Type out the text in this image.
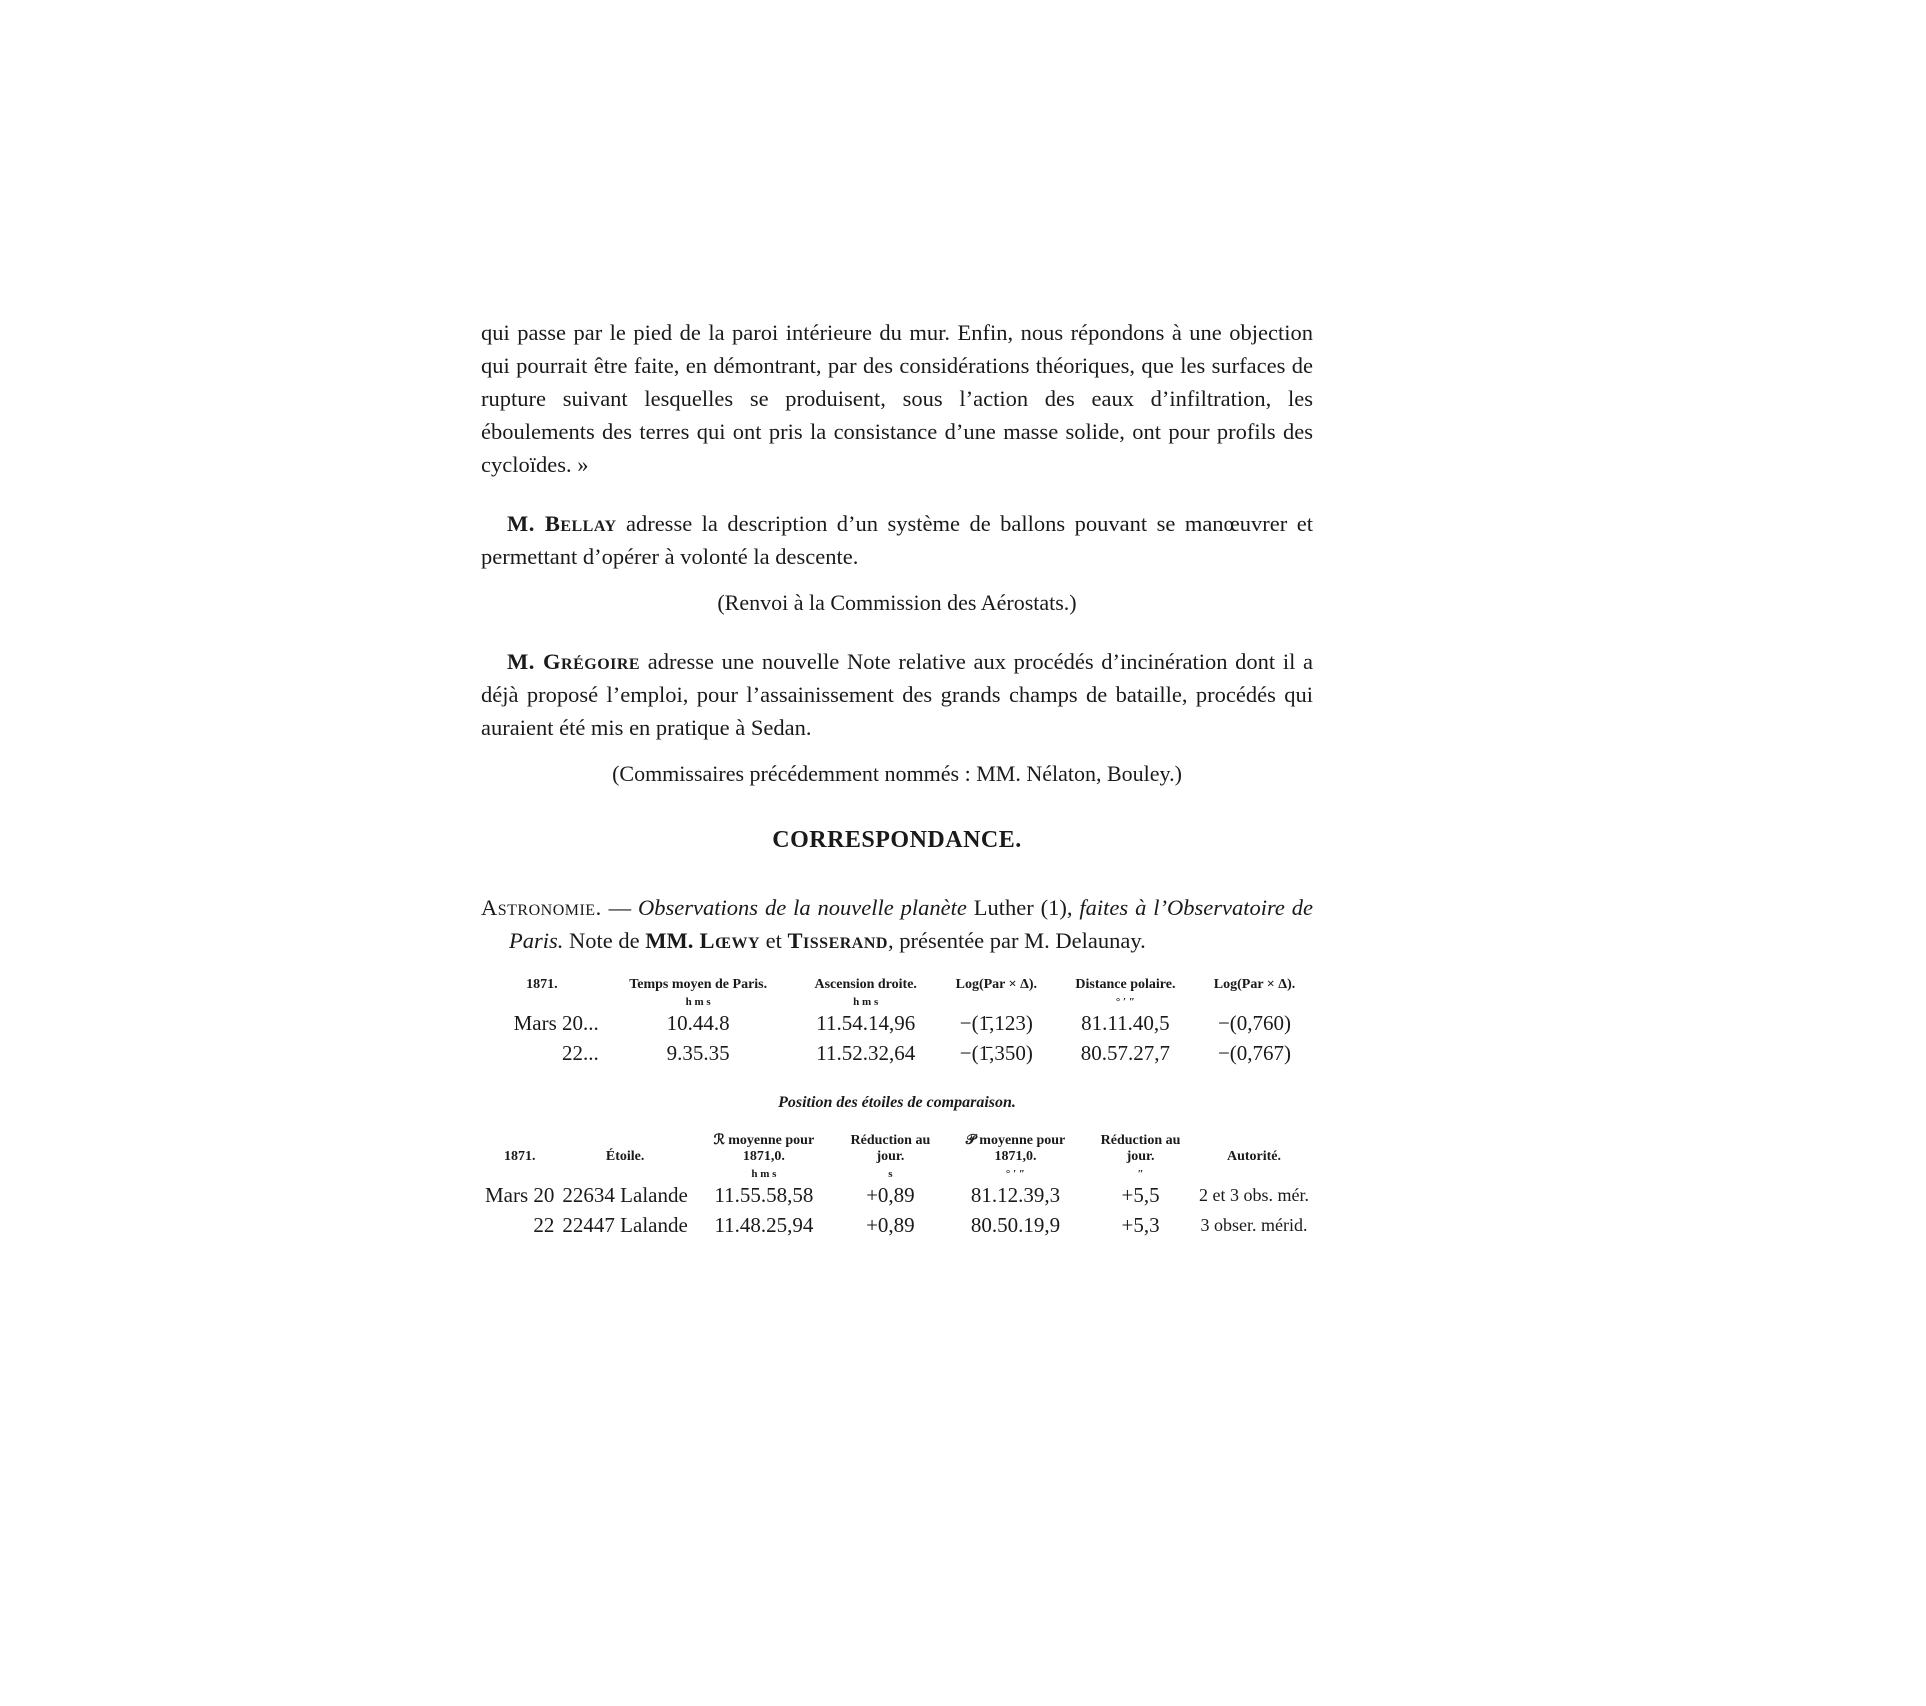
qui passe par le pied de la paroi intérieure du mur. Enfin, nous répondons à une objection qui pourrait être faite, en démontrant, par des considérations théoriques, que les surfaces de rupture suivant lesquelles se produisent, sous l’action des eaux d’infiltration, les éboulements des terres qui ont pris la consistance d’une masse solide, ont pour profils des cycloïdes. »

M. Bellay adresse la description d’un système de ballons pouvant se manœuvrer et permettant d’opérer à volonté la descente.

(Renvoi à la Commission des Aérostats.)

M. Grégoire adresse une nouvelle Note relative aux procédés d’incinération dont il a déjà proposé l’emploi, pour l’assainissement des grands champs de bataille, procédés qui auraient été mis en pratique à Sedan.

(Commissaires précédemment nommés : MM. Nélaton, Bouley.)

CORRESPONDANCE.

Astronomie. — Observations de la nouvelle planète Luther (1), faites à l’Observatoire de Paris. Note de MM. Lœwy et Tisserand, présentée par M. Delaunay.

1871.	Temps moyen de Paris.	Ascension droite.	Log(Par × Δ).	Distance polaire.	Log(Par × Δ).
	h m s	h m s		° ′ ″	
Mars 20...	10.44.8	11.54.14,96	−(1̄,123)	81.11.40,5	−(0,760)
22...	9.35.35	11.52.32,64	−(1̄,350)	80.57.27,7	−(0,767)

Position des étoiles de comparaison.

1871.	Étoile.	ℛ moyenne pour 1871,0.	Réduction au jour.	𝒫 moyenne pour 1871,0.	Réduction au jour.	Autorité.
		h m s	s	° ′ ″	″	
Mars 20	22634 Lalande	11.55.58,58	+0,89	81.12.39,3	+5,5	2 et 3 obs. mér.
22	22447 Lalande	11.48.25,94	+0,89	80.50.19,9	+5,3	3 obser. mérid.
